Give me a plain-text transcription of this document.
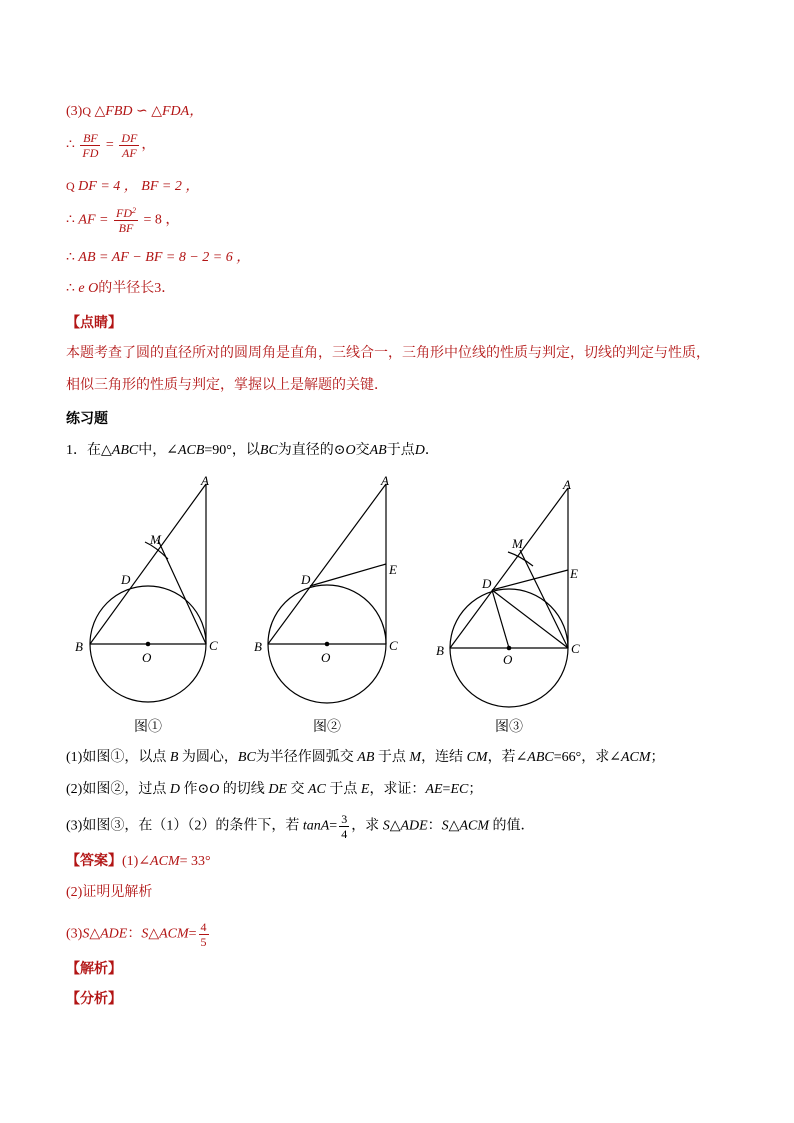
(3)Q △FBD ∽ △FDA，
∴ $\frac{BF}{FD} = \frac{DF}{AF}$ ，
Q DF = 4 ， BF = 2 ，
∴ AF = $\frac{FD^2}{BF} = 8$ ，
∴ AB = AF − BF = 8 − 2 = 6 ，
∴ e O的半径长3．
【点睛】
本题考查了圆的直径所对的圆周角是直角，三线合一，三角形中位线的性质与判定，切线的判定与性质，
相似三角形的性质与判定，掌握以上是解题的关键．
练习题
1．在△ABC中，∠ACB=90°，以BC为直径的⊙O交AB于点D．
A
B	C
D
M
O
A
B	C
D
E
O
A
B	C
D
E
M
O
图①	图②	图③
(1)如图①，以点 B 为圆心，BC为半径作圆弧交 AB 于点 M，连结 CM，若∠ABC=66°，求∠ACM；
(2)如图②，过点 D 作⊙O 的切线 DE 交 AC 于点 E，求证：AE=EC；
(3)如图③，在（1）（2）的条件下，若 $\tan A= \frac{3}{4}$ ，求 S△ADE：S△ACM 的值．
【答案】(1)∠ACM= 33°
(2)证明见解析
(3)S△ADE：S△ACM= $\frac{4}{5}$
【解析】
【分析】
